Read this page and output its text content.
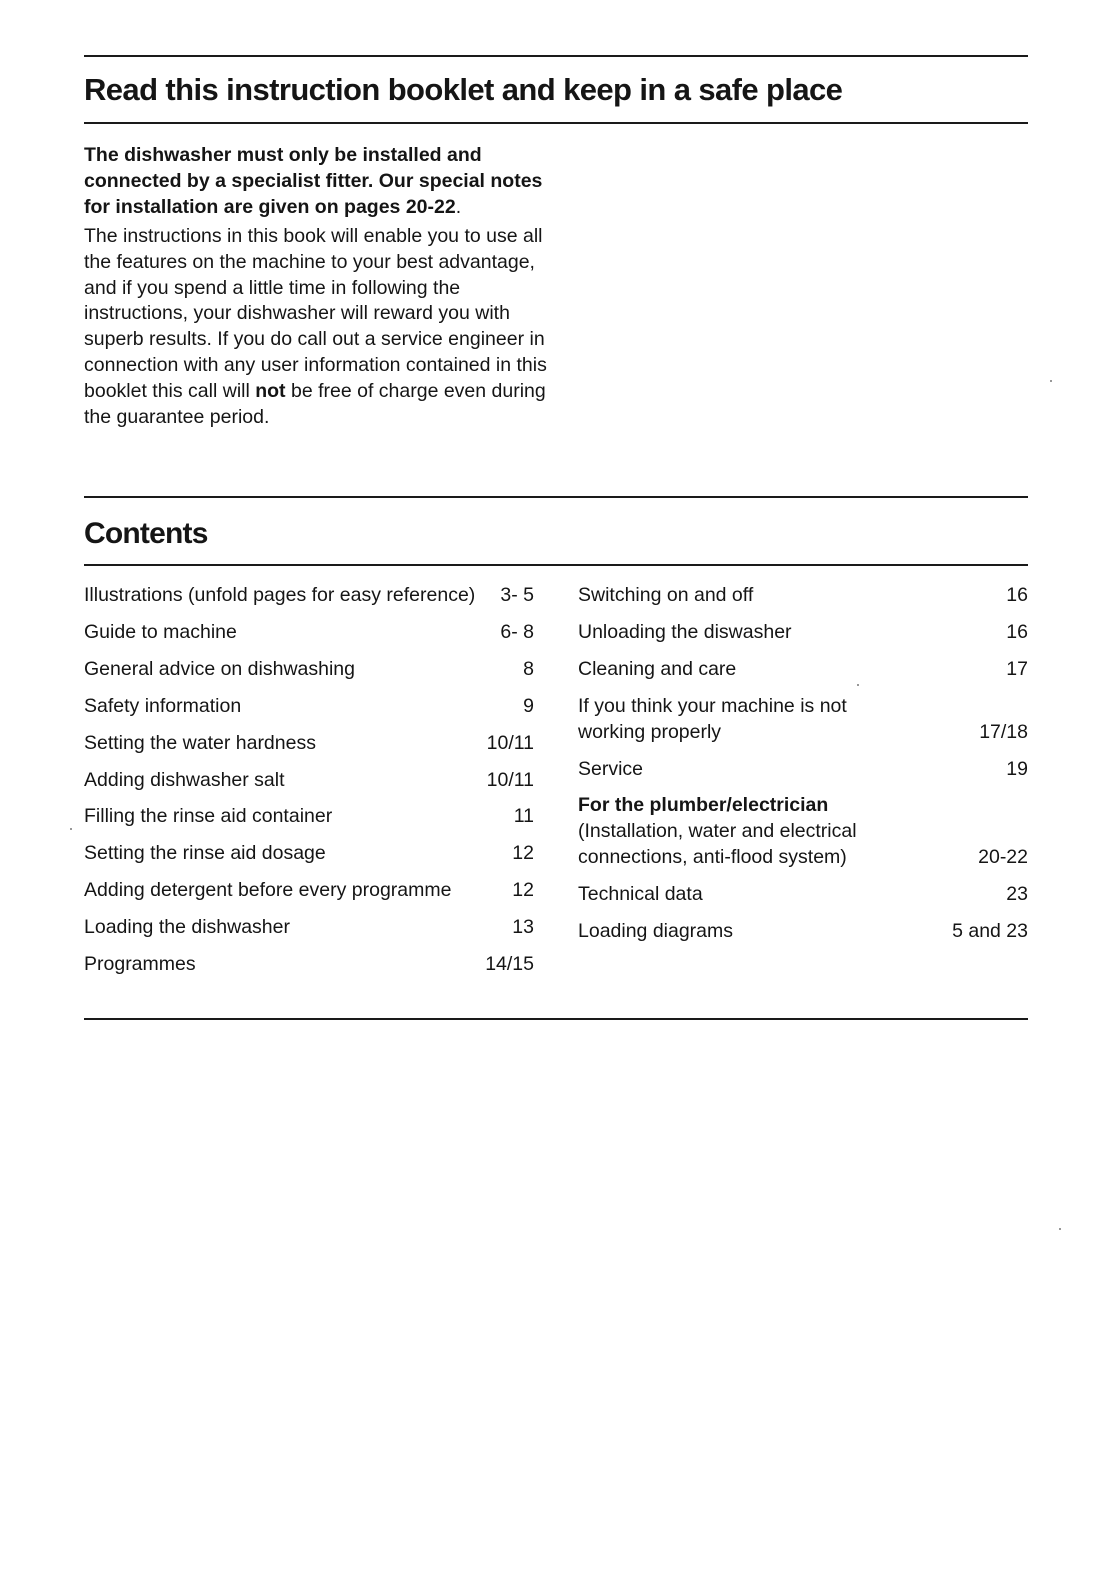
Read this instruction booklet and keep in a safe place

The dishwasher must only be installed and connected by a specialist fitter. Our special notes for installation are given on pages 20-22.

The instructions in this book will enable you to use all the features on the machine to your best advantage, and if you spend a little time in following the instructions, your dishwasher will reward you with superb results. If you do call out a service engineer in connection with any user information contained in this booklet this call will not be free of charge even during the guarantee period.

Contents
Illustrations (unfold pages for easy reference)	3- 5
Guide to machine	6- 8
General advice on dishwashing	8
Safety information	9
Setting the water hardness	10/11
Adding dishwasher salt	10/11
Filling the rinse aid container	11
Setting the rinse aid dosage	12
Adding detergent before every programme	12
Loading the dishwasher	13
Programmes	14/15
Switching on and off	16
Unloading the diswasher	16
Cleaning and care	17
If you think your machine is not working properly	17/18
Service	19
For the plumber/electrician
(Installation, water and electrical connections, anti-flood system)	20-22
Technical data	23
Loading diagrams	5 and 23
